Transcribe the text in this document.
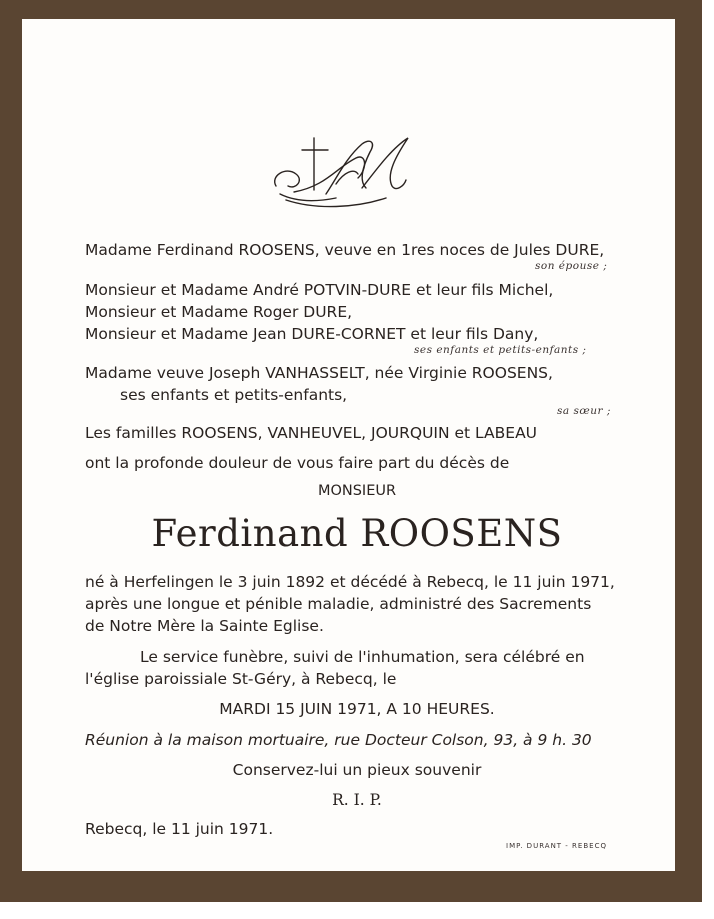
Madame Ferdinand ROOSENS, veuve en 1res noces de Jules DURE,
son épouse ;
Monsieur et Madame André POTVIN-DURE et leur fils Michel,
Monsieur et Madame Roger DURE,
Monsieur et Madame Jean DURE-CORNET et leur fils Dany,
ses enfants et petits-enfants ;
Madame veuve Joseph VANHASSELT, née Virginie ROOSENS,
ses enfants et petits-enfants,
sa sœur ;
Les familles ROOSENS, VANHEUVEL, JOURQUIN et LABEAU
ont la profonde douleur de vous faire part du décès de
MONSIEUR
Ferdinand ROOSENS
né à Herfelingen le 3 juin 1892 et décédé à Rebecq, le 11 juin 1971,
après une longue et pénible maladie, administré des Sacrements
de Notre Mère la Sainte Eglise.
Le service funèbre, suivi de l'inhumation, sera célébré en
l'église paroissiale St-Géry, à Rebecq, le
MARDI 15 JUIN 1971, A 10 HEURES.
Réunion à la maison mortuaire, rue Docteur Colson, 93, à 9 h. 30
Conservez-lui un pieux souvenir
R. I. P.
Rebecq, le 11 juin 1971.
IMP. DURANT - REBECQ
